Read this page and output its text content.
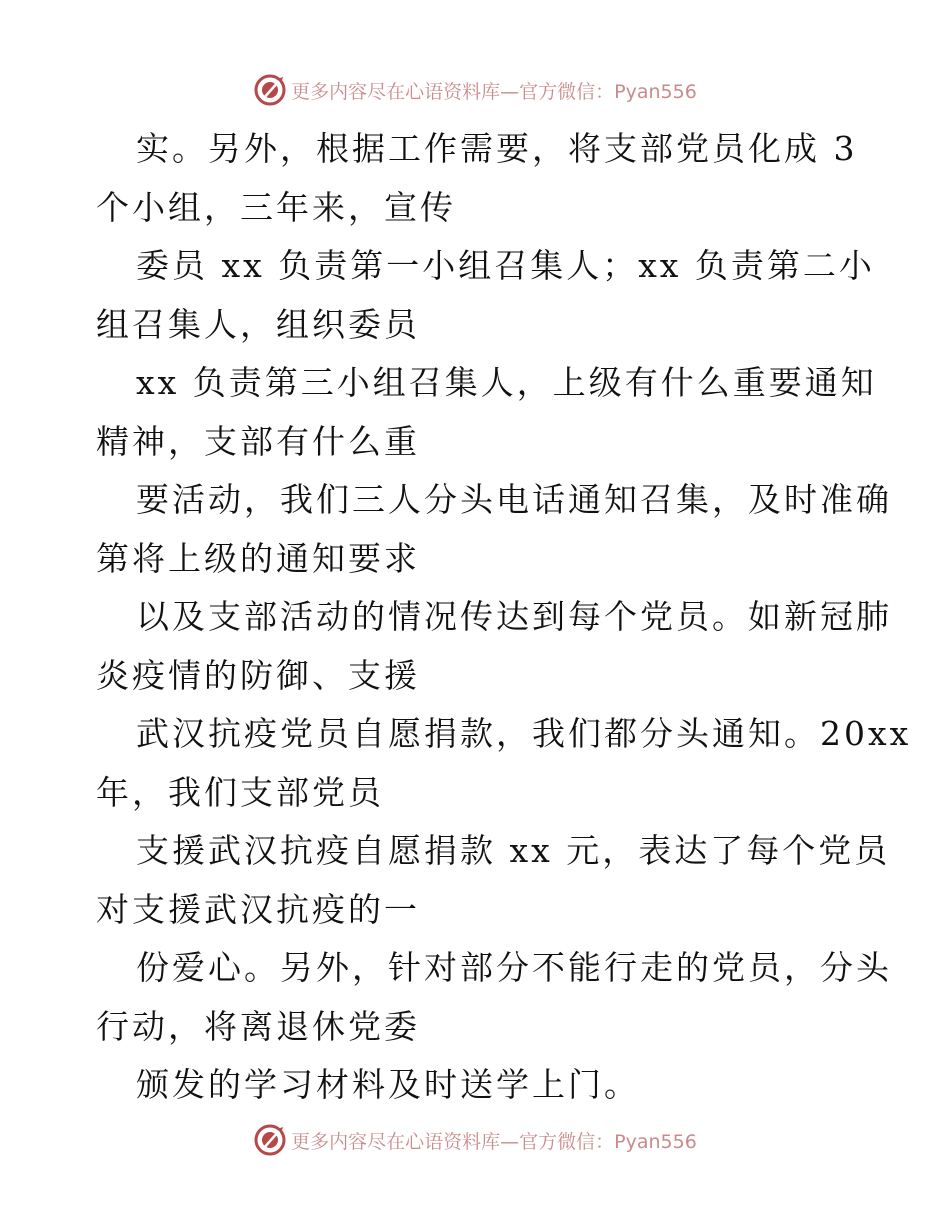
更多内容尽在心语资料库—官方微信：Pyan556
实。另外，根据工作需要，将支部党员化成 3
个小组，三年来，宣传
委员 xx 负责第一小组召集人；xx 负责第二小
组召集人，组织委员
xx 负责第三小组召集人，上级有什么重要通知
精神，支部有什么重
要活动，我们三人分头电话通知召集，及时准确
第将上级的通知要求
以及支部活动的情况传达到每个党员。如新冠肺
炎疫情的防御、支援
武汉抗疫党员自愿捐款，我们都分头通知。20xx
年，我们支部党员
支援武汉抗疫自愿捐款 xx 元，表达了每个党员
对支援武汉抗疫的一
份爱心。另外，针对部分不能行走的党员，分头
行动，将离退休党委
颁发的学习材料及时送学上门。
更多内容尽在心语资料库—官方微信：Pyan556
